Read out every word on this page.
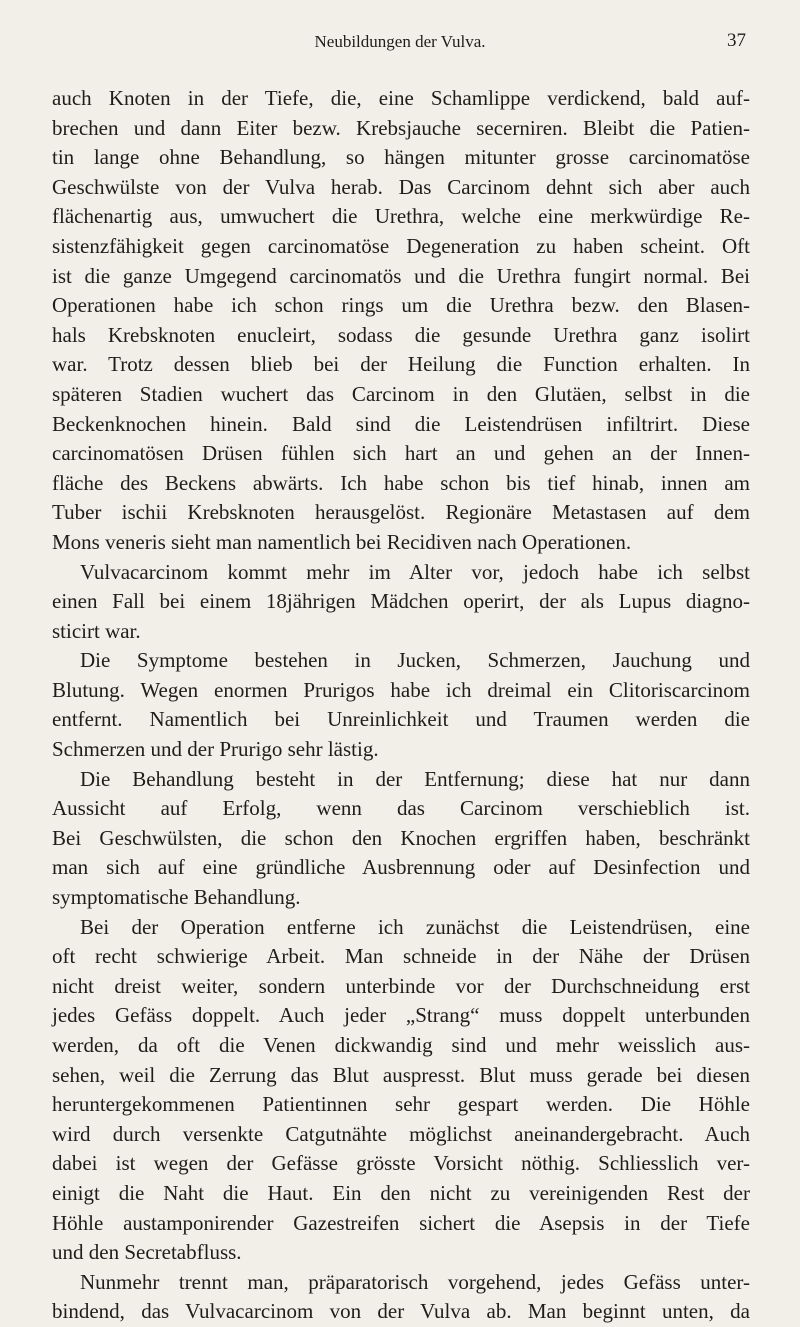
Neubildungen der Vulva.	37
auch Knoten in der Tiefe, die, eine Schamlippe verdickend, bald auf-
brechen und dann Eiter bezw. Krebsjauche secerniren. Bleibt die Patien-
tin lange ohne Behandlung, so hängen mitunter grosse carcinomatöse
Geschwülste von der Vulva herab. Das Carcinom dehnt sich aber auch
flächenartig aus, umwuchert die Urethra, welche eine merkwürdige Re-
sistenzfähigkeit gegen carcinomatöse Degeneration zu haben scheint. Oft
ist die ganze Umgegend carcinomatös und die Urethra fungirt normal. Bei
Operationen habe ich schon rings um die Urethra bezw. den Blasen-
hals Krebsknoten enucleirt, sodass die gesunde Urethra ganz isolirt
war. Trotz dessen blieb bei der Heilung die Function erhalten. In
späteren Stadien wuchert das Carcinom in den Glutäen, selbst in die
Beckenknochen hinein. Bald sind die Leistendrüsen infiltrirt. Diese
carcinomatösen Drüsen fühlen sich hart an und gehen an der Innen-
fläche des Beckens abwärts. Ich habe schon bis tief hinab, innen am
Tuber ischii Krebsknoten herausgelöst. Regionäre Metastasen auf dem
Mons veneris sieht man namentlich bei Recidiven nach Operationen.
Vulvacarcinom kommt mehr im Alter vor, jedoch habe ich selbst
einen Fall bei einem 18jährigen Mädchen operirt, der als Lupus diagno-
sticirt war.
Die Symptome bestehen in Jucken, Schmerzen, Jauchung und
Blutung. Wegen enormen Prurigos habe ich dreimal ein Clitoriscarcinom
entfernt. Namentlich bei Unreinlichkeit und Traumen werden die
Schmerzen und der Prurigo sehr lästig.
Die Behandlung besteht in der Entfernung; diese hat nur dann
Aussicht auf Erfolg, wenn das Carcinom verschieblich ist.
Bei Geschwülsten, die schon den Knochen ergriffen haben, beschränkt
man sich auf eine gründliche Ausbrennung oder auf Desinfection und
symptomatische Behandlung.
Bei der Operation entferne ich zunächst die Leistendrüsen, eine
oft recht schwierige Arbeit. Man schneide in der Nähe der Drüsen
nicht dreist weiter, sondern unterbinde vor der Durchschneidung erst
jedes Gefäss doppelt. Auch jeder „Strang“ muss doppelt unterbunden
werden, da oft die Venen dickwandig sind und mehr weisslich aus-
sehen, weil die Zerrung das Blut auspresst. Blut muss gerade bei diesen
heruntergekommenen Patientinnen sehr gespart werden. Die Höhle
wird durch versenkte Catgutnähte möglichst aneinandergebracht. Auch
dabei ist wegen der Gefässe grösste Vorsicht nöthig. Schliesslich ver-
einigt die Naht die Haut. Ein den nicht zu vereinigenden Rest der
Höhle austamponirender Gazestreifen sichert die Asepsis in der Tiefe
und den Secretabfluss.
Nunmehr trennt man, präparatorisch vorgehend, jedes Gefäss unter-
bindend, das Vulvacarcinom von der Vulva ab. Man beginnt unten, da
